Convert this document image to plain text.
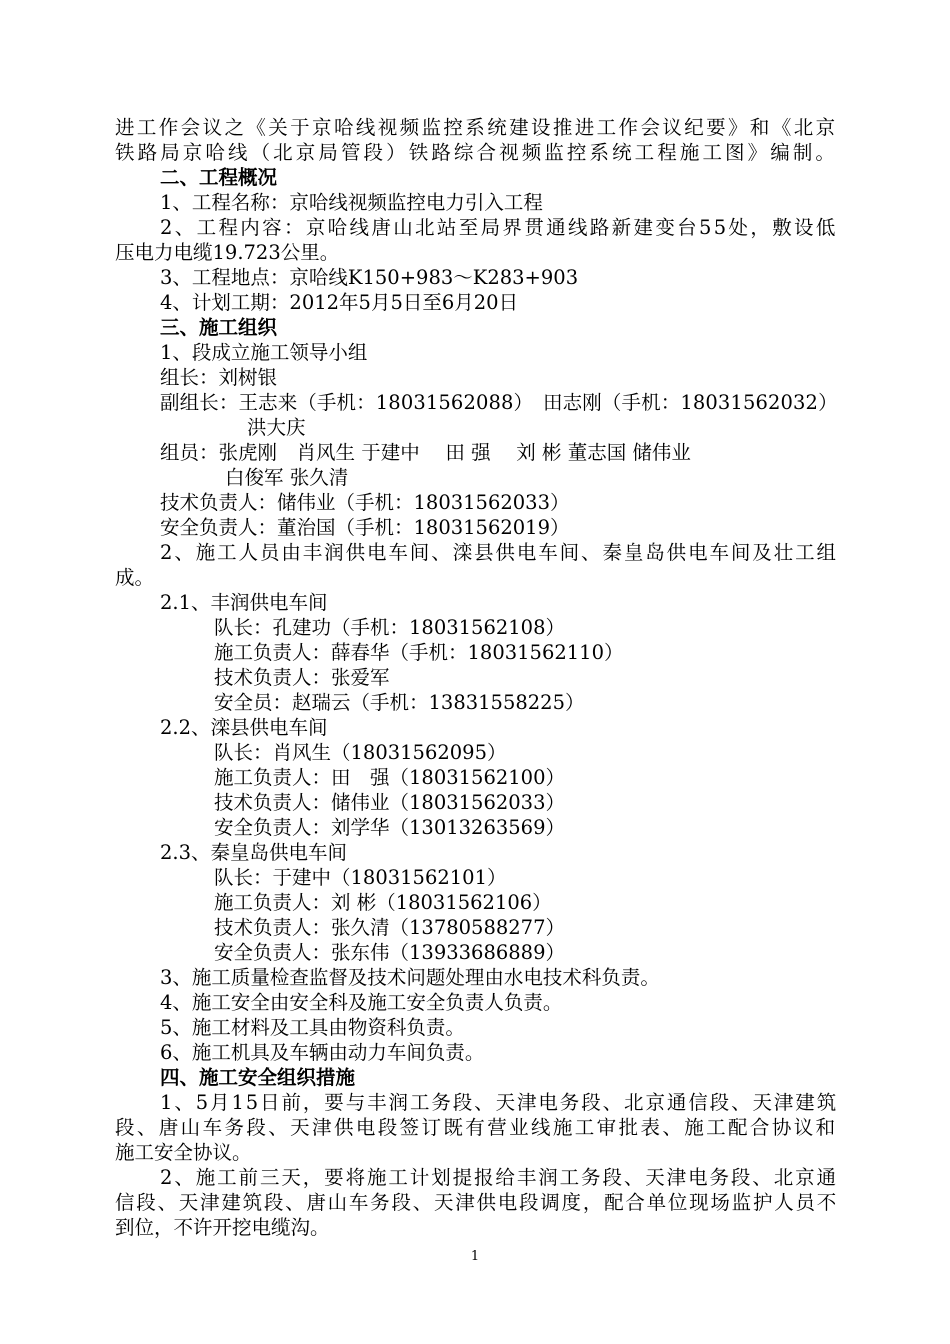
进工作会议之《关于京哈线视频监控系统建设推进工作会议纪要》和《北京
铁路局京哈线（北京局管段）铁路综合视频监控系统工程施工图》编制。
二、工程概况
1、工程名称：京哈线视频监控电力引入工程
2、工程内容：京哈线唐山北站至局界贯通线路新建变台55处，敷设低
压电力电缆19.723公里。
3、工程地点：京哈线K150+983～K283+903
4、计划工期：2012年5月5日至6月20日
三、施工组织
1、段成立施工领导小组
组长：刘树银
副组长：王志来（手机：18031562088）　田志刚（手机：18031562032）
洪大庆
组员：张虎刚　肖风生 于建中　 田 强　 刘 彬 董志国 储伟业
白俊军 张久清
技术负责人：储伟业（手机：18031562033）
安全负责人：董治国（手机：18031562019）
2、施工人员由丰润供电车间、滦县供电车间、秦皇岛供电车间及壮工组
成。
2.1、丰润供电车间
队长：孔建功（手机：18031562108）
施工负责人：薛春华（手机：18031562110）
技术负责人：张爱军
安全员：赵瑞云（手机：13831558225）
2.2、滦县供电车间
队长：肖风生（18031562095）
施工负责人：田　强（18031562100）
技术负责人：储伟业（18031562033）
安全负责人：刘学华（13013263569）
2.3、秦皇岛供电车间
队长：于建中（18031562101）
施工负责人：刘 彬（18031562106）
技术负责人：张久清（13780588277）
安全负责人：张东伟（13933686889）
3、施工质量检查监督及技术问题处理由水电技术科负责。
4、施工安全由安全科及施工安全负责人负责。
5、施工材料及工具由物资科负责。
6、施工机具及车辆由动力车间负责。
四、施工安全组织措施
1、5月15日前，要与丰润工务段、天津电务段、北京通信段、天津建筑
段、唐山车务段、天津供电段签订既有营业线施工审批表、施工配合协议和
施工安全协议。
2、施工前三天，要将施工计划提报给丰润工务段、天津电务段、北京通
信段、天津建筑段、唐山车务段、天津供电段调度，配合单位现场监护人员不
到位，不许开挖电缆沟。
1
